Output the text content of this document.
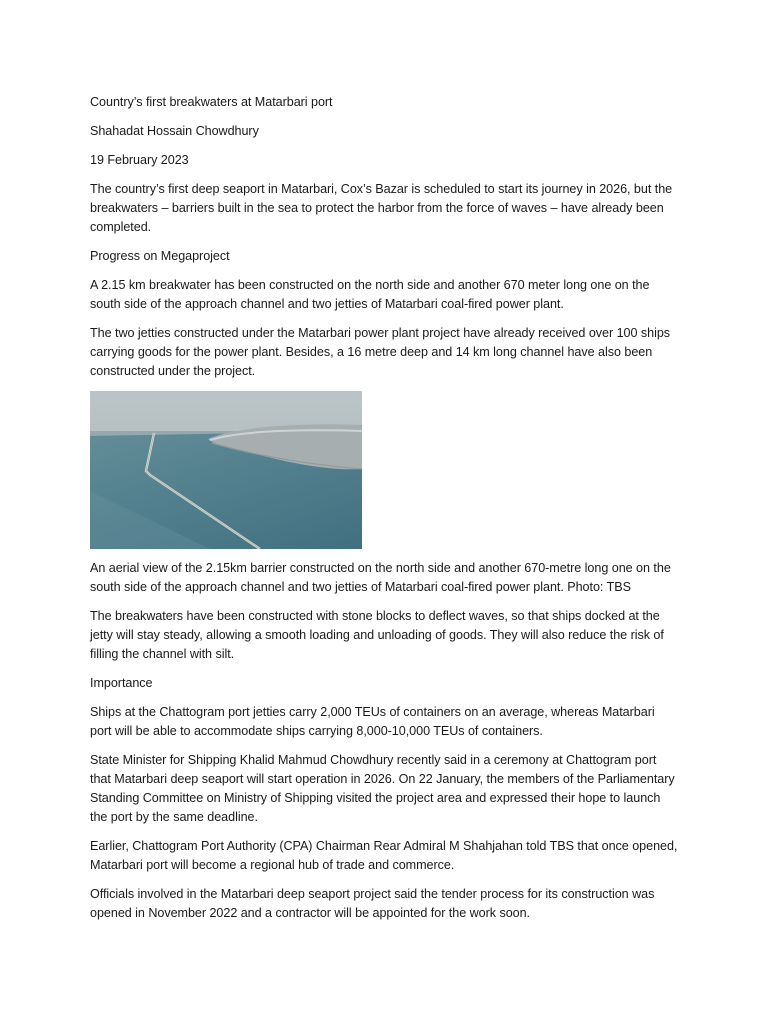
Country’s first breakwaters at Matarbari port

Shahadat Hossain Chowdhury

19 February 2023

The country’s first deep seaport in Matarbari, Cox’s Bazar is scheduled to start its journey in 2026, but the breakwaters – barriers built in the sea to protect the harbor from the force of waves – have already been completed.

Progress on Megaproject

A 2.15 km breakwater has been constructed on the north side and another 670 meter long one on the south side of the approach channel and two jetties of Matarbari coal-fired power plant.

The two jetties constructed under the Matarbari power plant project have already received over 100 ships carrying goods for the power plant. Besides, a 16 metre deep and 14 km long channel have also been constructed under the project.

An aerial view of the 2.15km barrier constructed on the north side and another 670-metre long one on the south side of the approach channel and two jetties of Matarbari coal-fired power plant. Photo: TBS

The breakwaters have been constructed with stone blocks to deflect waves, so that ships docked at the jetty will stay steady, allowing a smooth loading and unloading of goods. They will also reduce the risk of filling the channel with silt.

Importance

Ships at the Chattogram port jetties carry 2,000 TEUs of containers on an average, whereas Matarbari port will be able to accommodate ships carrying 8,000-10,000 TEUs of containers.

State Minister for Shipping Khalid Mahmud Chowdhury recently said in a ceremony at Chattogram port that Matarbari deep seaport will start operation in 2026. On 22 January, the members of the Parliamentary Standing Committee on Ministry of Shipping visited the project area and expressed their hope to launch the port by the same deadline.

Earlier, Chattogram Port Authority (CPA) Chairman Rear Admiral M Shahjahan told TBS that once opened, Matarbari port will become a regional hub of trade and commerce.

Officials involved in the Matarbari deep seaport project said the tender process for its construction was opened in November 2022 and a contractor will be appointed for the work soon.
